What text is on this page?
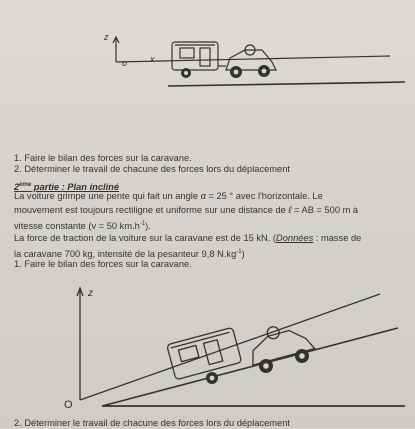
z
o	x
1. Faire le bilan des forces sur la caravane.
2. Déterminer le travail de chacune des forces lors du déplacement
2ème partie : Plan incliné
La voiture grimpe une pente qui fait un angle α = 25 ° avec l'horizontale. Le
mouvement est toujours rectiligne et uniforme sur une distance de ℓ = AB = 500 m à
vitesse constante (v = 50 $km.h^{-1}$).
La force de traction de la voiture sur la caravane est de 15 kN. (Données : masse de
la caravane 700 kg, intensité de la pesanteur 9,8 $N.kg^{-1}$)
1. Faire le bilan des forces sur la caravane.
z
O
2. Déterminer le travail de chacune des forces lors du déplacement
